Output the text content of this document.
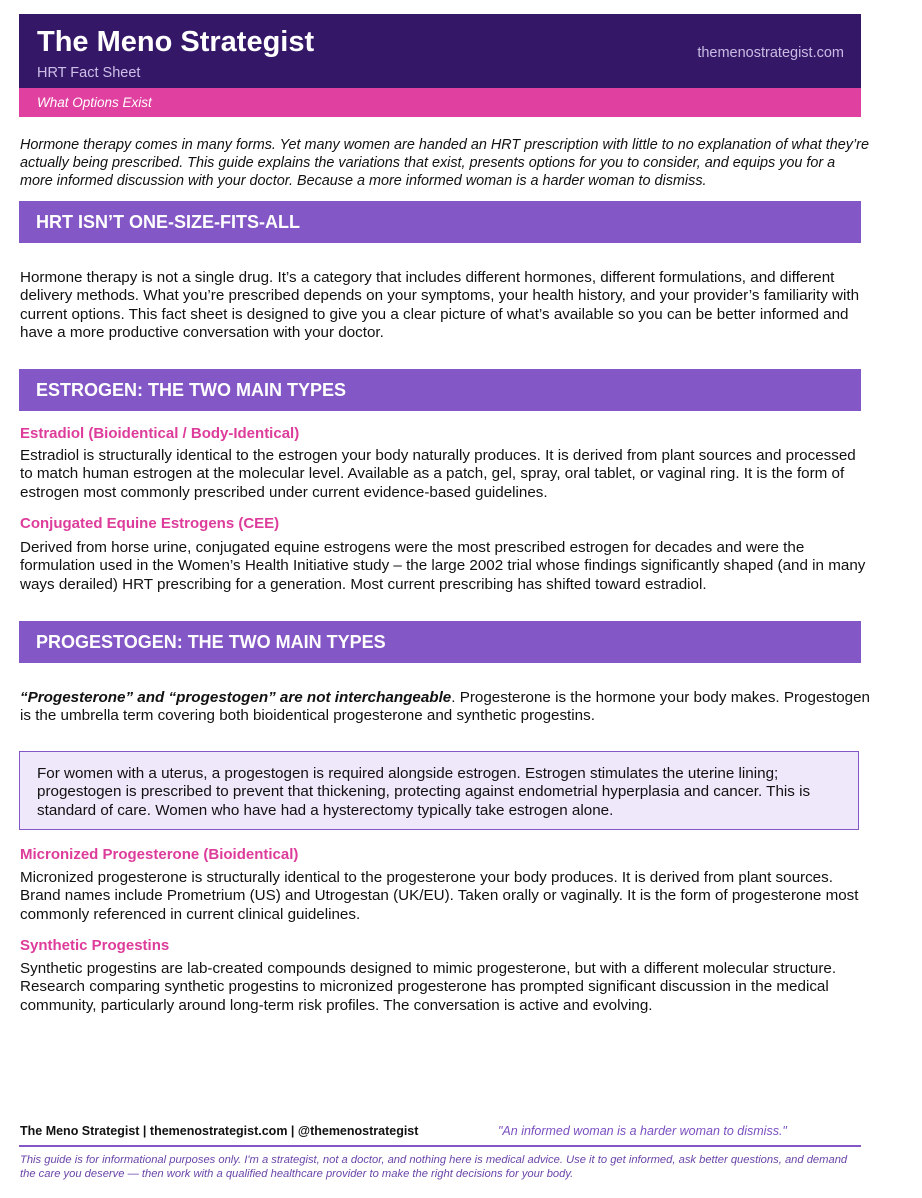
The Meno Strategist
HRT Fact Sheet
themenostrategist.com
What Options Exist

Hormone therapy comes in many forms. Yet many women are handed an HRT prescription with little to no explanation of what they’re actually being prescribed. This guide explains the variations that exist, presents options for you to consider, and equips you for a more informed discussion with your doctor. Because a more informed woman is a harder woman to dismiss.

HRT ISN’T ONE-SIZE-FITS-ALL

Hormone therapy is not a single drug. It’s a category that includes different hormones, different formulations, and different delivery methods. What you’re prescribed depends on your symptoms, your health history, and your provider’s familiarity with current options. This fact sheet is designed to give you a clear picture of what’s available so you can be better informed and have a more productive conversation with your doctor.

ESTROGEN: THE TWO MAIN TYPES

Estradiol (Bioidentical / Body-Identical)

Estradiol is structurally identical to the estrogen your body naturally produces. It is derived from plant sources and processed to match human estrogen at the molecular level. Available as a patch, gel, spray, oral tablet, or vaginal ring. It is the form of estrogen most commonly prescribed under current evidence-based guidelines.

Conjugated Equine Estrogens (CEE)

Derived from horse urine, conjugated equine estrogens were the most prescribed estrogen for decades and were the formulation used in the Women’s Health Initiative study – the large 2002 trial whose findings significantly shaped (and in many ways derailed) HRT prescribing for a generation. Most current prescribing has shifted toward estradiol.

PROGESTOGEN: THE TWO MAIN TYPES

“Progesterone” and “progestogen” are not interchangeable. Progesterone is the hormone your body makes. Progestogen is the umbrella term covering both bioidentical progesterone and synthetic progestins.

For women with a uterus, a progestogen is required alongside estrogen. Estrogen stimulates the uterine lining; progestogen is prescribed to prevent that thickening, protecting against endometrial hyperplasia and cancer. This is standard of care. Women who have had a hysterectomy typically take estrogen alone.

Micronized Progesterone (Bioidentical)

Micronized progesterone is structurally identical to the progesterone your body produces. It is derived from plant sources. Brand names include Prometrium (US) and Utrogestan (UK/EU). Taken orally or vaginally. It is the form of progesterone most commonly referenced in current clinical guidelines.

Synthetic Progestins

Synthetic progestins are lab-created compounds designed to mimic progesterone, but with a different molecular structure. Research comparing synthetic progestins to micronized progesterone has prompted significant discussion in the medical community, particularly around long-term risk profiles. The conversation is active and evolving.

The Meno Strategist | themenostrategist.com | @themenostrategist	"An informed woman is a harder woman to dismiss."

This guide is for informational purposes only. I'm a strategist, not a doctor, and nothing here is medical advice. Use it to get informed, ask better questions, and demand the care you deserve — then work with a qualified healthcare provider to make the right decisions for your body.
